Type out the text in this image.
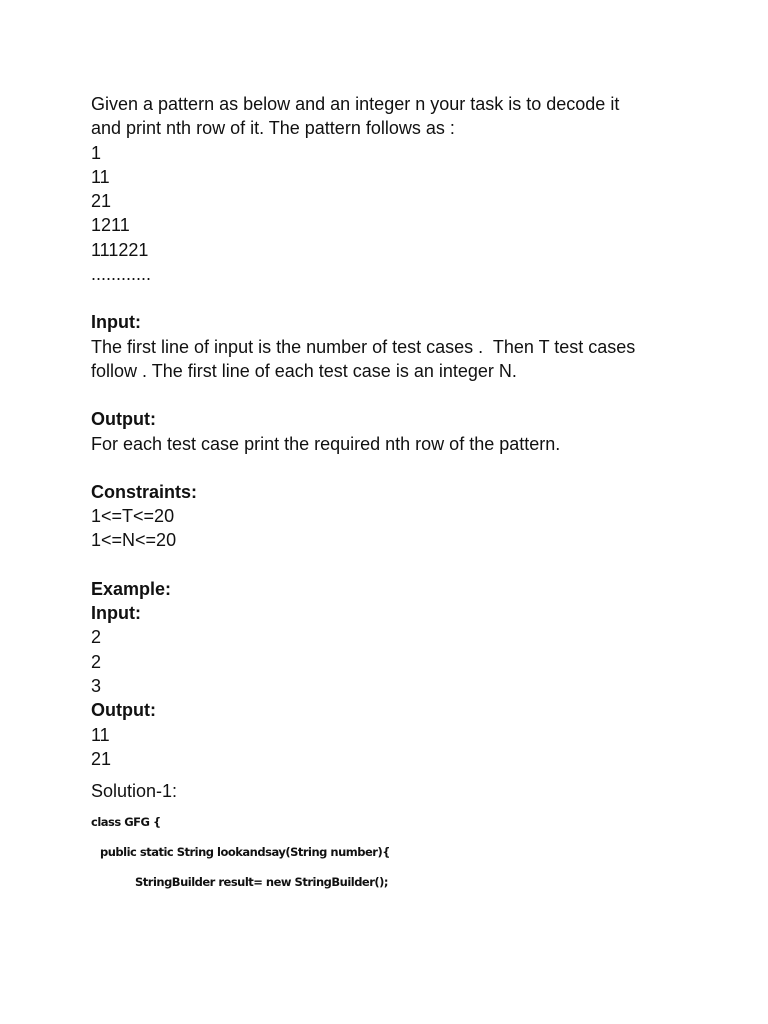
Given a pattern as below and an integer n your task is to decode it
and print nth row of it. The pattern follows as :
1
11
21
1211
111221
............
Input:
The first line of input is the number of test cases .  Then T test cases
follow . The first line of each test case is an integer N.
Output:
For each test case print the required nth row of the pattern.
Constraints:
1<=T<=20
1<=N<=20
Example:
Input:
2
2
3
Output:
11
21
Solution-1:
class GFG {
public static String lookandsay(String number){
StringBuilder result= new StringBuilder();
